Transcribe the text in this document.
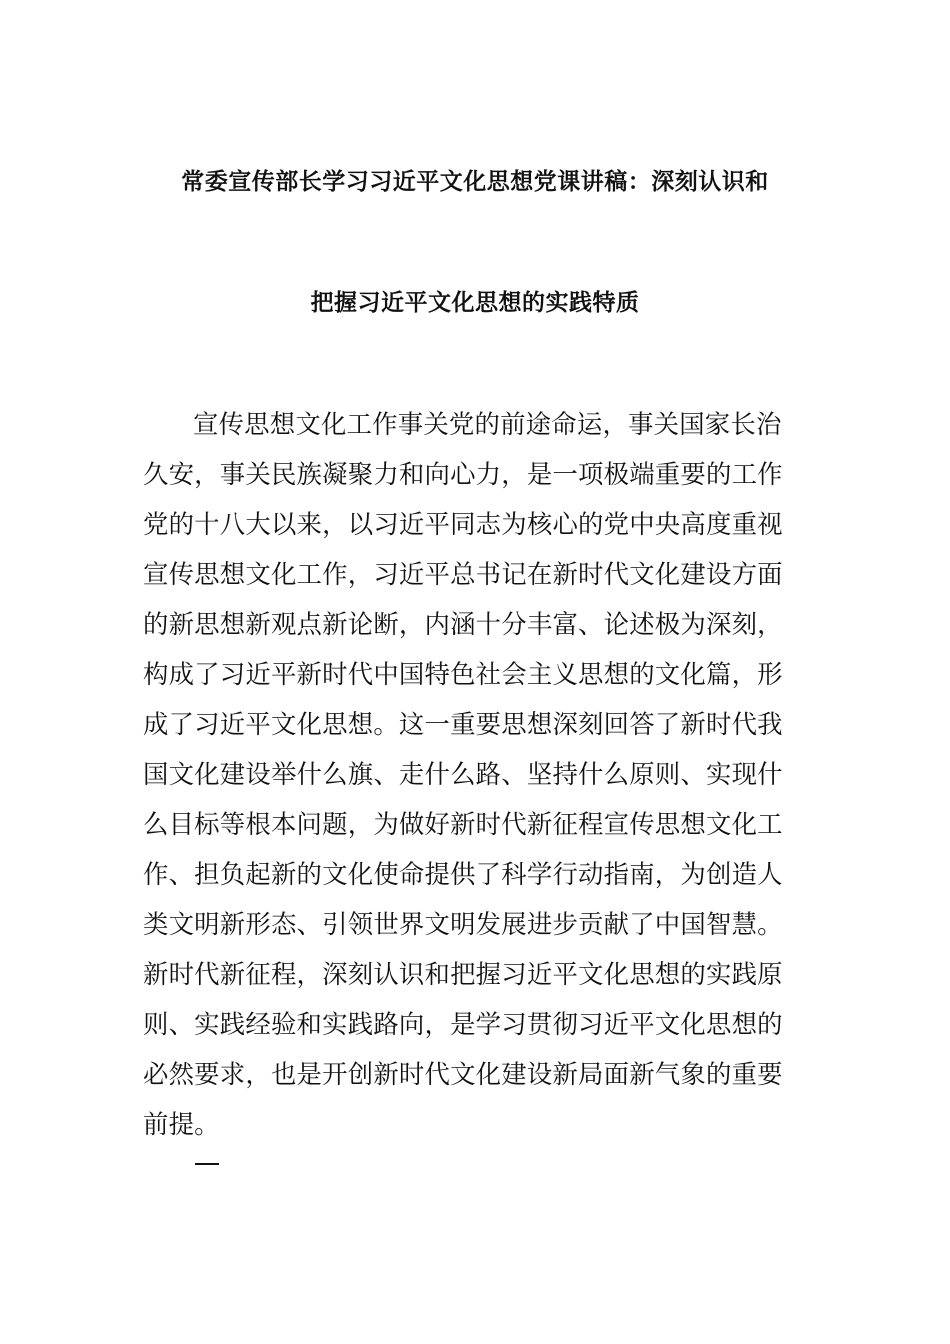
常委宣传部长学习习近平文化思想党课讲稿：深刻认识和
把握习近平文化思想的实践特质
宣传思想文化工作事关党的前途命运，事关国家长治
久安，事关民族凝聚力和向心力，是一项极端重要的工作
党的十八大以来，以习近平同志为核心的党中央高度重视
宣传思想文化工作，习近平总书记在新时代文化建设方面
的新思想新观点新论断，内涵十分丰富、论述极为深刻，
构成了习近平新时代中国特色社会主义思想的文化篇，形
成了习近平文化思想。这一重要思想深刻回答了新时代我
国文化建设举什么旗、走什么路、坚持什么原则、实现什
么目标等根本问题，为做好新时代新征程宣传思想文化工
作、担负起新的文化使命提供了科学行动指南，为创造人
类文明新形态、引领世界文明发展进步贡献了中国智慧。
新时代新征程，深刻认识和把握习近平文化思想的实践原
则、实践经验和实践路向，是学习贯彻习近平文化思想的
必然要求，也是开创新时代文化建设新局面新气象的重要
前提。
